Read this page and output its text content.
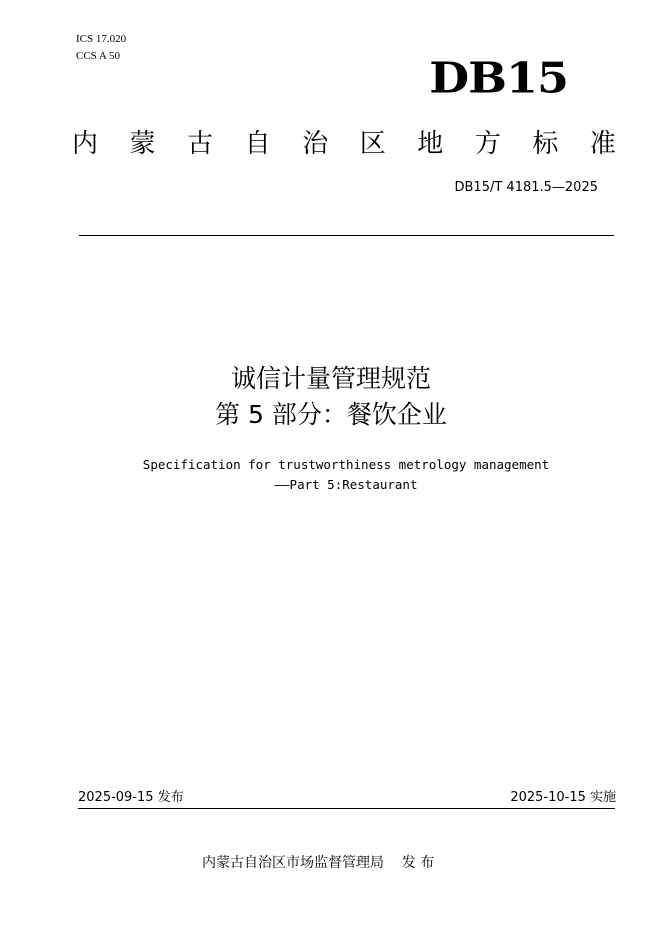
ICS 17.020
CCS A 50	DB15
内 蒙 古 自 治 区 地 方 标 准
DB15/T 4181.5—2025
诚信计量管理规范
第 5 部分：餐饮企业
Specification for trustworthiness metrology management
——Part 5:Restaurant
2025-09-15 发布	2025-10-15 实施
内蒙古自治区市场监督管理局    发 布
